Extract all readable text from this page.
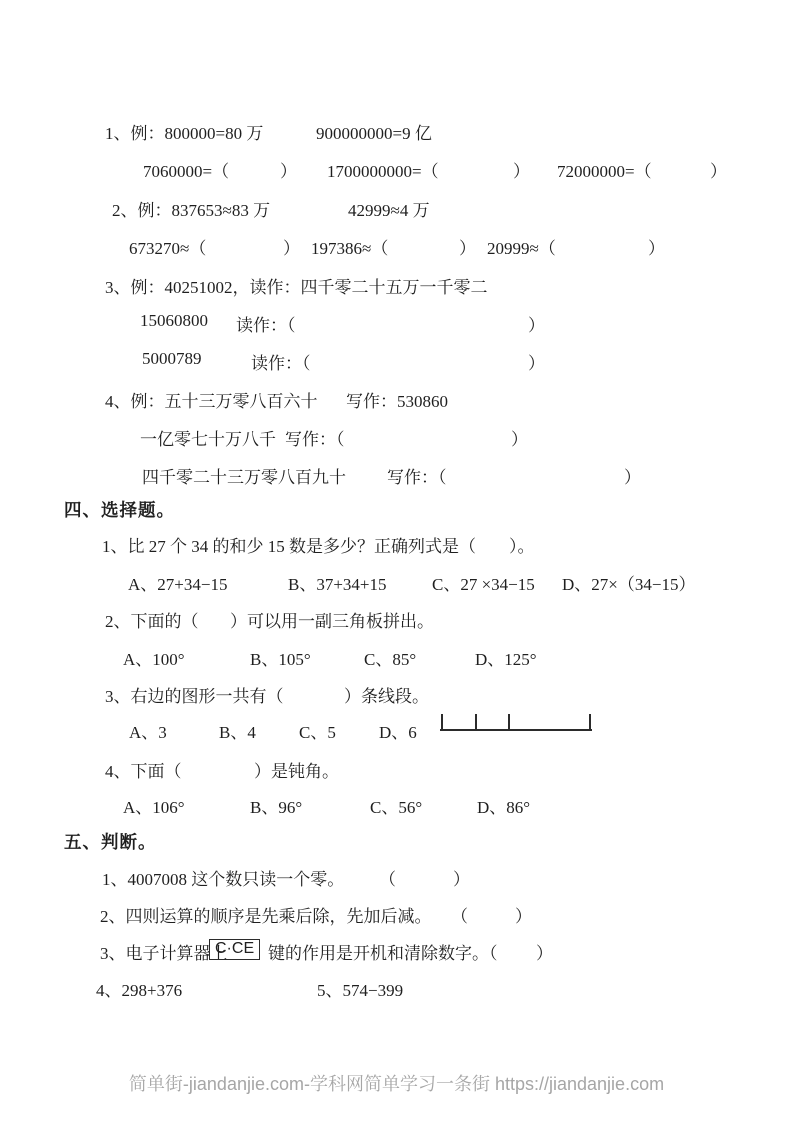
1、例：800000=80 万	900000000=9 亿
7060000=（	） 1700000000=（	） 72000000=（	）
2、例：837653≈83 万	42999≈4 万
673270≈（	） 197386≈（	） 20999≈（	）
3、例：40251002，读作：四千零二十五万一千零二
15060800 读作：（	）
5000789	读作：（	）
4、例：五十三万零八百六十 写作：530860
一亿零七十万八千 写作：（	）
四千零二十三万零八百九十 写作：（	）
四、选择题。
1、比 27 个 34 的和少 15 数是多少？正确列式是（ ）。
A、27+34−15	B、37+34+15	C、27 ×34−15 D、27×（34−15）
2、下面的（ ）可以用一副三角板拼出。
A、100°	B、105°	C、85°	D、125°
3、右边的图形一共有（	）条线段。
A、3	B、4	C、5	D、6
4、下面（	）是钝角。
A、106°	B、96°	C、56°	D、86°
五、判断。
1、4007008 这个数只读一个零。 （	）
2、四则运算的顺序是先乘后除，先加后减。 （	）
3、电子计算器上
C·CE 键的作用是开机和清除数字。（ ）
4、298+376	5、574−399
简单街-jiandanjie.com-学科网简单学习一条街 https://jiandanjie.com
